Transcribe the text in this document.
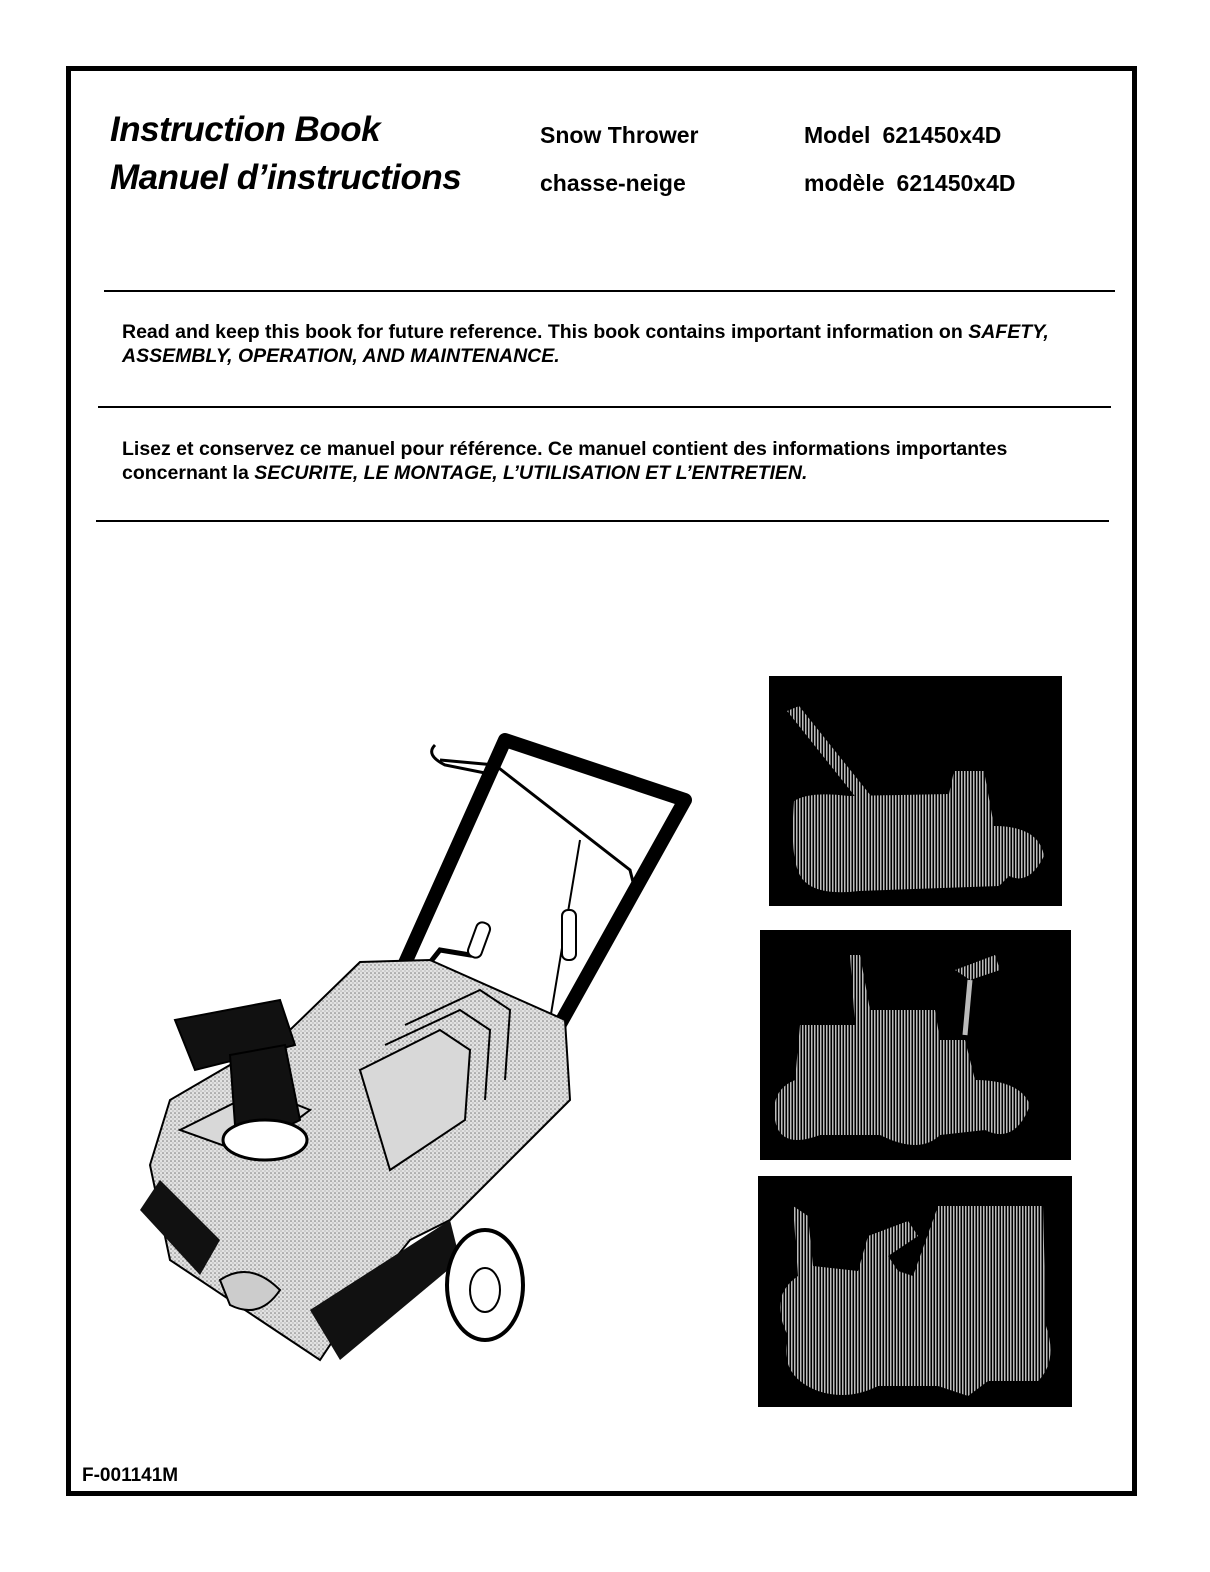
Instruction Book
Manuel d’instructions
Snow Thrower
chasse-neige
Model 621450x4D
modèle 621450x4D
Read and keep this book for future reference. This book contains important information on SAFETY, ASSEMBLY, OPERATION, AND MAINTENANCE.
Lisez et conservez ce manuel pour référence. Ce manuel contient des informations importantes concernant la SECURITE, LE MONTAGE, L’UTILISATION ET L’ENTRETIEN.
F-001141M
